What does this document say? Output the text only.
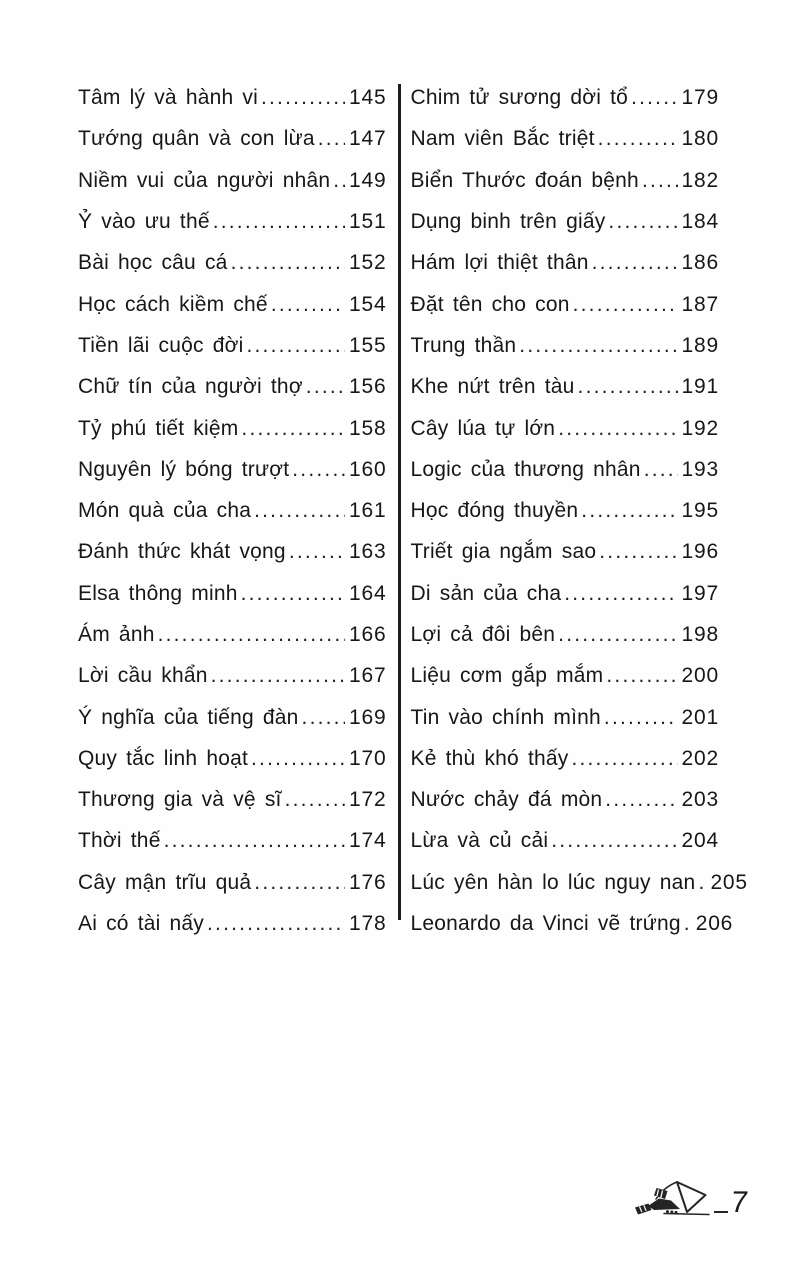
Tâm lý và hành vi .....	145
Tướng quân và con lừa ..... 147
Niềm vui của người nhân ..... 149
Ỷ vào ưu thế .....	151
Bài học câu cá .....	152
Học cách kiềm chế .....	154
Tiền lãi cuộc đời .....	155
Chữ tín của người thợ ..... 156
Tỷ phú tiết kiệm .....	158
Nguyên lý bóng trượt .....	160
Món quà của cha .....	161
Đánh thức khát vọng .....	163
Elsa thông minh .....	164
Ám ảnh .....	166
Lời cầu khẩn .....	167
Ý nghĩa của tiếng đàn ..... 169
Quy tắc linh hoạt .....	170
Thương gia và vệ sĩ .....	172
Thời thế .....	174
Cây mận trĩu quả .....	176
Ai có tài nấy .....	178
Chim tử sương dời tổ .....	179
Nam viên Bắc triệt .....	180
Biển Thước đoán bệnh ..... 182
Dụng binh trên giấy .....	184
Hám lợi thiệt thân .....	186
Đặt tên cho con .....	187
Trung thần .....	189
Khe nứt trên tàu .....	191
Cây lúa tự lớn .....	192
Logic của thương nhân ..... 193
Học đóng thuyền .....	195
Triết gia ngắm sao .....	196
Di sản của cha .....	197
Lợi cả đôi bên .....	198
Liệu cơm gắp mắm .....	200
Tin vào chính mình .....	201
Kẻ thù khó thấy .....	202
Nước chảy đá mòn .....	203
Lừa và củ cải .....	204
Lúc yên hàn lo lúc nguy nan ..... 205
Leonardo da Vinci vẽ trứng ..... 206
7
